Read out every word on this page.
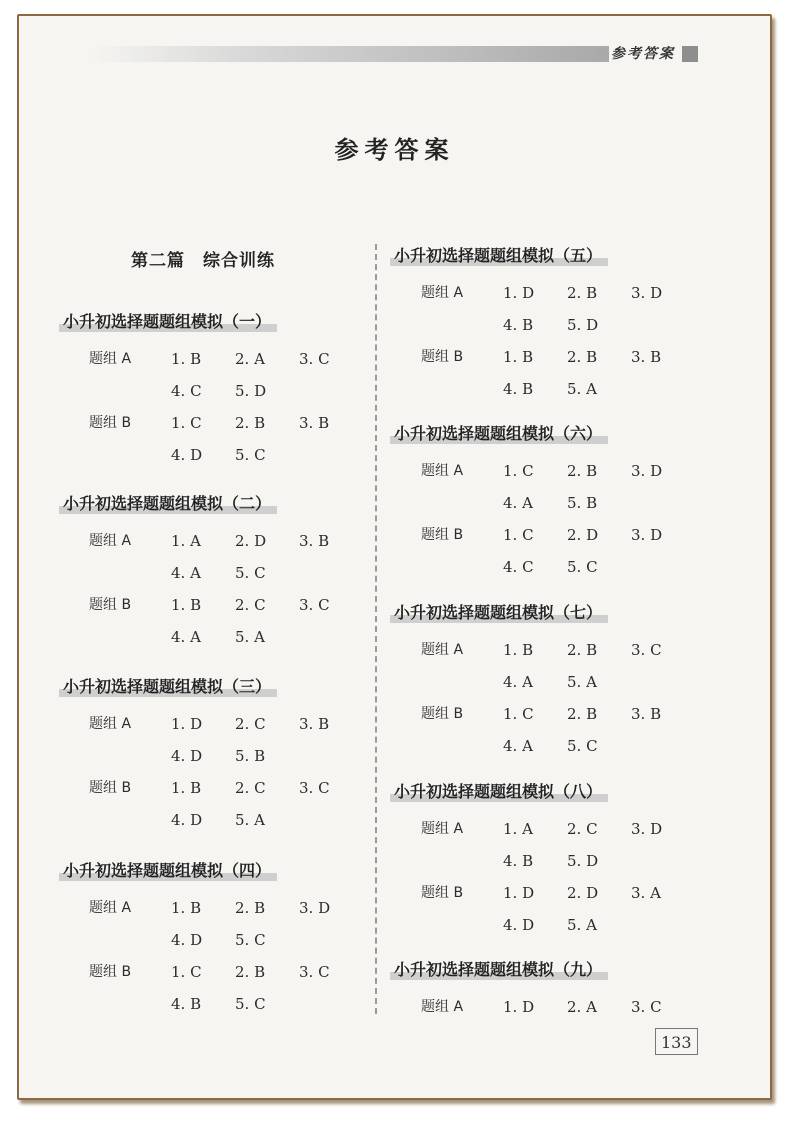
参考答案
参考答案
第二篇　综合训练
133
小升初选择题题组模拟（一）
题组 A	1. B 2. A 3. C
4. C 5. D
题组 B	1. C 2. B 3. B
4. D 5. C
小升初选择题题组模拟（二）
题组 A	1. A 2. D 3. B
4. A 5. C
题组 B	1. B 2. C 3. C
4. A 5. A
小升初选择题题组模拟（三）
题组 A	1. D 2. C 3. B
4. D 5. B
题组 B	1. B 2. C 3. C
4. D 5. A
小升初选择题题组模拟（四）
题组 A	1. B 2. B 3. D
4. D 5. C
题组 B	1. C 2. B 3. C
4. B 5. C
小升初选择题题组模拟（五）
题组 A	1. D 2. B 3. D
4. B 5. D
题组 B	1. B 2. B 3. B
4. B 5. A
小升初选择题题组模拟（六）
题组 A	1. C 2. B 3. D
4. A 5. B
题组 B	1. C 2. D 3. D
4. C 5. C
小升初选择题题组模拟（七）
题组 A	1. B 2. B 3. C
4. A 5. A
题组 B	1. C 2. B 3. B
4. A 5. C
小升初选择题题组模拟（八）
题组 A	1. A 2. C 3. D
4. B 5. D
题组 B	1. D 2. D 3. A
4. D 5. A
小升初选择题题组模拟（九）
题组 A	1. D 2. A 3. C
